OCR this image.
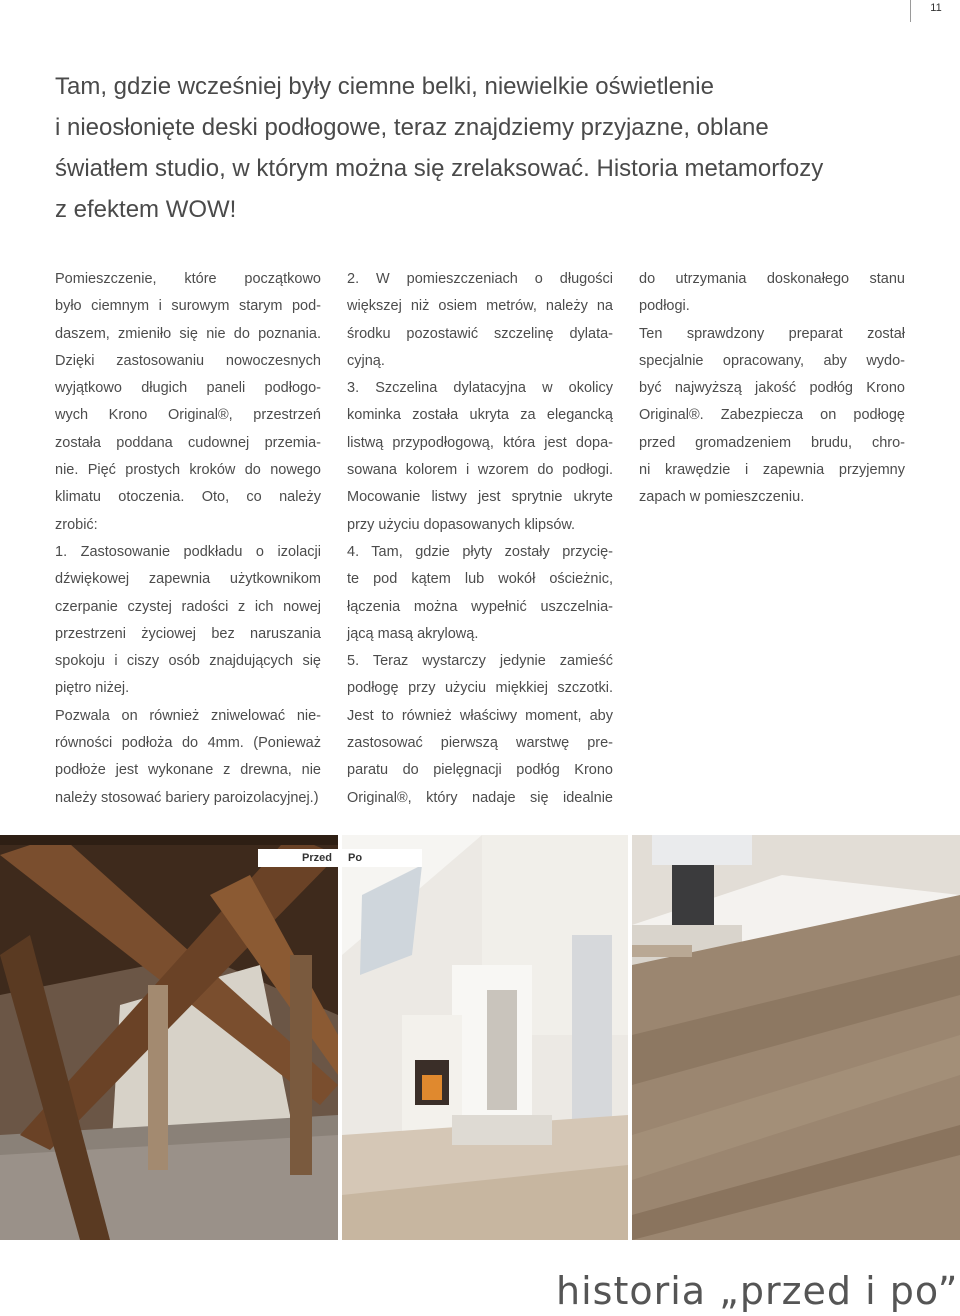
11
Tam, gdzie wcześniej były ciemne belki, niewielkie oświetlenie
i nieosłonięte deski podłogowe, teraz znajdziemy przyjazne, oblane
światłem studio, w którym można się zrelaksować. Historia metamorfozy
z efektem WOW!
Pomieszczenie, które początkowo
było ciemnym i surowym starym pod-
daszem, zmieniło się nie do poznania.
Dzięki zastosowaniu nowoczesnych
wyjątkowo długich paneli podłogo-
wych Krono Original®, przestrzeń
została poddana cudownej przemia-
nie. Pięć prostych kroków do nowego
klimatu otoczenia. Oto, co należy
zrobić:
1. Zastosowanie podkładu o izolacji
dźwiękowej zapewnia użytkownikom
czerpanie czystej radości z ich nowej
przestrzeni życiowej bez naruszania
spokoju i ciszy osób znajdujących się
piętro niżej.
Pozwala on również zniwelować nie-
równości podłoża do 4mm. (Ponieważ
podłoże jest wykonane z drewna, nie
należy stosować bariery paroizolacyjnej.)
2. W pomieszczeniach o długości
większej niż osiem metrów, należy na
środku pozostawić szczelinę dylata-
cyjną.
3. Szczelina dylatacyjna w okolicy
kominka została ukryta za elegancką
listwą przypodłogową, która jest dopa-
sowana kolorem i wzorem do podłogi.
Mocowanie listwy jest sprytnie ukryte
przy użyciu dopasowanych klipsów.
4. Tam, gdzie płyty zostały przycię-
te pod kątem lub wokół ościeżnic,
łączenia można wypełnić uszczelnia-
jącą masą akrylową.
5. Teraz wystarczy jedynie zamieść
podłogę przy użyciu miękkiej szczotki.
Jest to również właściwy moment, aby
zastosować pierwszą warstwę pre-
paratu do pielęgnacji podłóg Krono
Original®, który nadaje się idealnie
do utrzymania doskonałego stanu
podłogi.
Ten sprawdzony preparat został
specjalnie opracowany, aby wydo-
być najwyższą jakość podłóg Krono
Original®. Zabezpiecza on podłogę
przed gromadzeniem brudu, chro-
ni krawędzie i zapewnia przyjemny
zapach w pomieszczeniu.
Przed	Po
historia „przed i po”
